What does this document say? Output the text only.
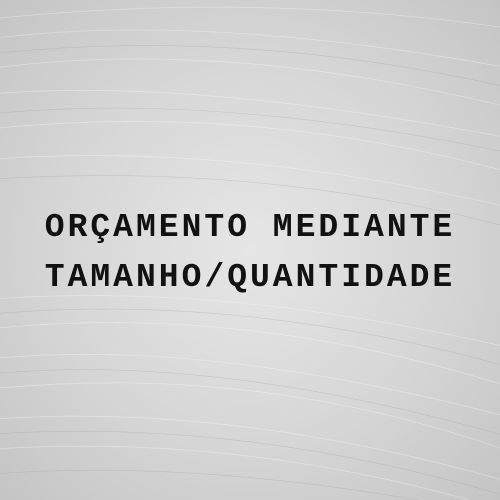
ORÇAMENTO MEDIANTE
TAMANHO/QUANTIDADE
